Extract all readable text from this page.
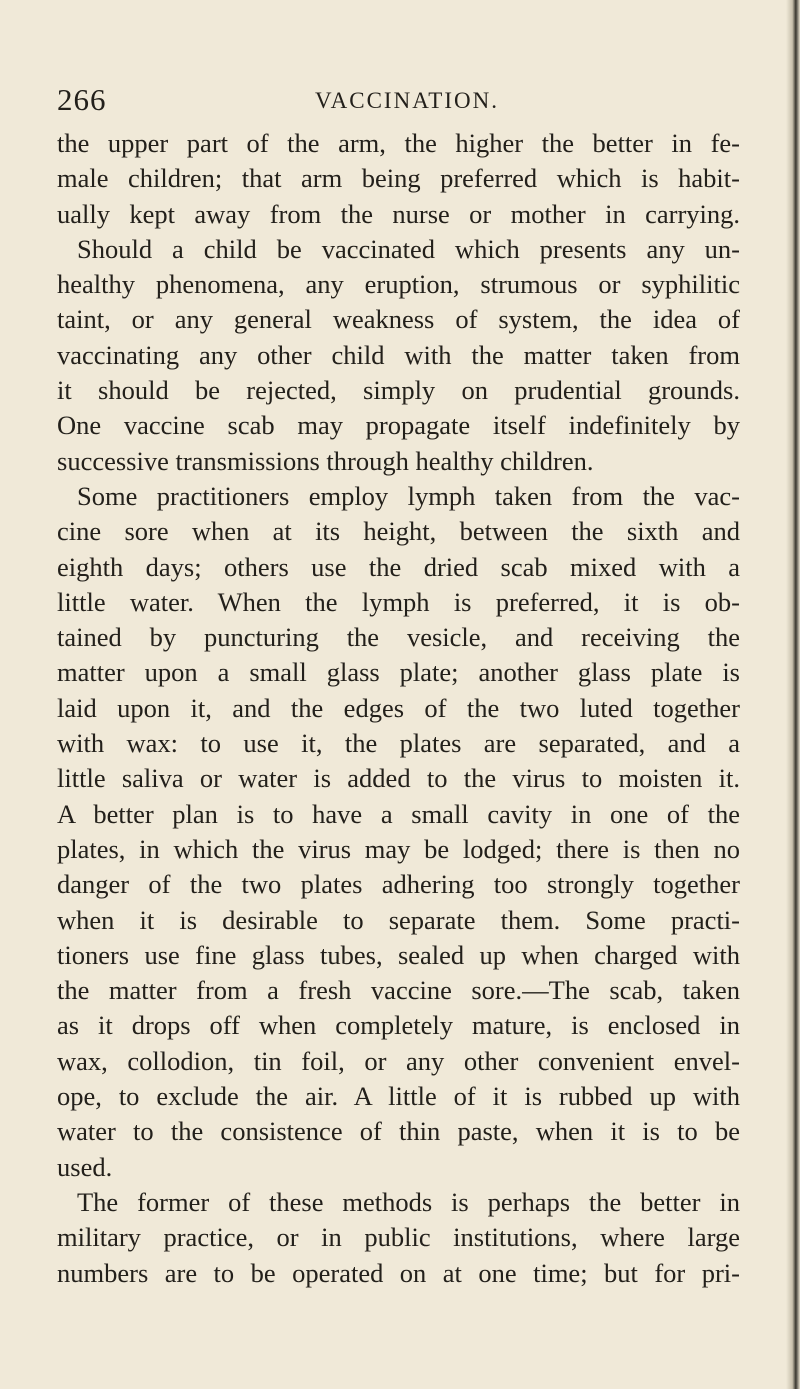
266	VACCINATION.
the upper part of the arm, the higher the better in fe-
male children; that arm being preferred which is habit-
ually kept away from the nurse or mother in carrying.
Should a child be vaccinated which presents any un-
healthy phenomena, any eruption, strumous or syphilitic
taint, or any general weakness of system, the idea of
vaccinating any other child with the matter taken from
it should be rejected, simply on prudential grounds.
One vaccine scab may propagate itself indefinitely by
successive transmissions through healthy children.
Some practitioners employ lymph taken from the vac-
cine sore when at its height, between the sixth and
eighth days; others use the dried scab mixed with a
little water. When the lymph is preferred, it is ob-
tained by puncturing the vesicle, and receiving the
matter upon a small glass plate; another glass plate is
laid upon it, and the edges of the two luted together
with wax: to use it, the plates are separated, and a
little saliva or water is added to the virus to moisten it.
A better plan is to have a small cavity in one of the
plates, in which the virus may be lodged; there is then no
danger of the two plates adhering too strongly together
when it is desirable to separate them. Some practi-
tioners use fine glass tubes, sealed up when charged with
the matter from a fresh vaccine sore.—The scab, taken
as it drops off when completely mature, is enclosed in
wax, collodion, tin foil, or any other convenient envel-
ope, to exclude the air. A little of it is rubbed up with
water to the consistence of thin paste, when it is to be
used.
The former of these methods is perhaps the better in
military practice, or in public institutions, where large
numbers are to be operated on at one time; but for pri-
